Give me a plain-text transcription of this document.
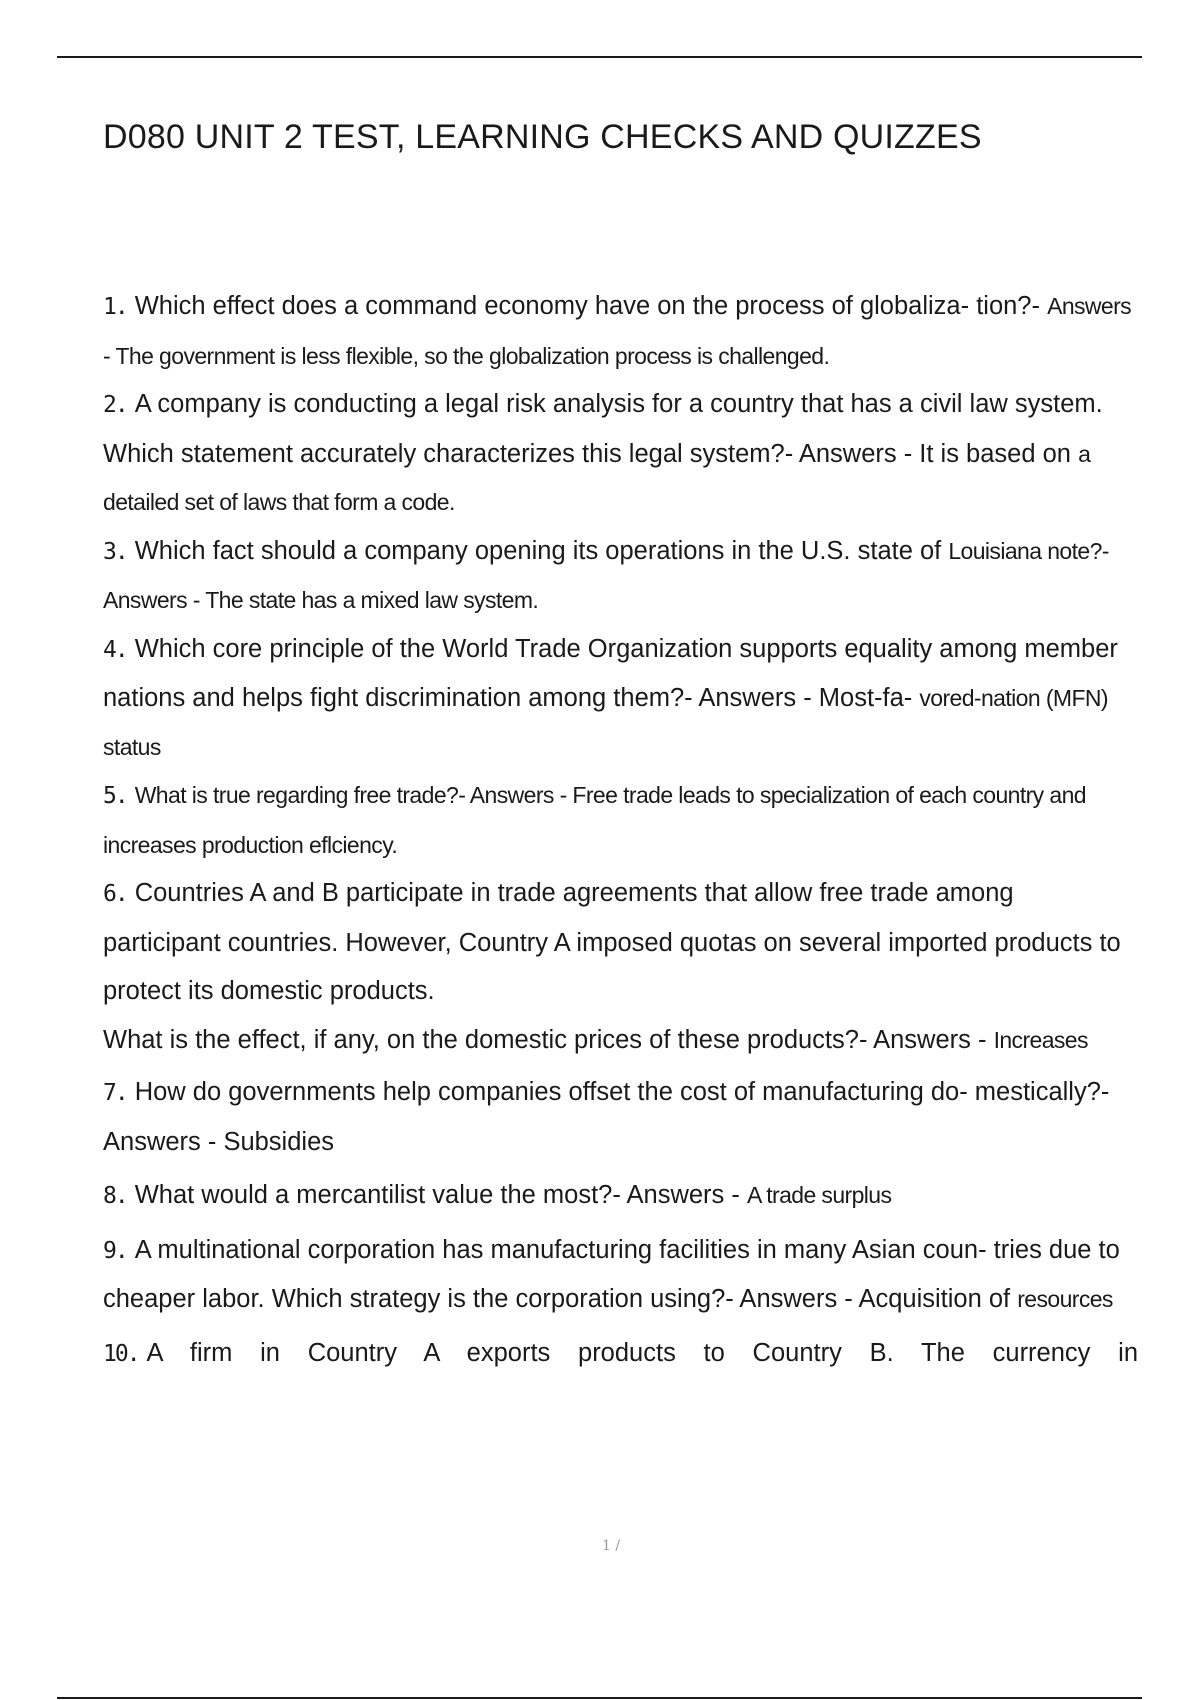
D080 UNIT 2 TEST, LEARNING CHECKS AND QUIZZES
1. Which effect does a command economy have on the process of globaliza- tion?- Answers - The government is less flexible, so the globalization process is challenged.
2. A company is conducting a legal risk analysis for a country that has a civil law system. Which statement accurately characterizes this legal system?- Answers - It is based on a detailed set of laws that form a code.
3. Which fact should a company opening its operations in the U.S. state of Louisiana note?- Answers - The state has a mixed law system.
4. Which core principle of the World Trade Organization supports equality among member nations and helps fight discrimination among them?- Answers - Most-fa- vored-nation (MFN) status
5. What is true regarding free trade?- Answers - Free trade leads to specialization of each country and increases production eflciency.
6. Countries A and B participate in trade agreements that allow free trade among participant countries. However, Country A imposed quotas on several imported products to protect its domestic products.
What is the effect, if any, on the domestic prices of these products?- Answers - Increases
7. How do governments help companies offset the cost of manufacturing do- mestically?- Answers - Subsidies
8. What would a mercantilist value the most?- Answers - A trade surplus
9. A multinational corporation has manufacturing facilities in many Asian coun- tries due to cheaper labor. Which strategy is the corporation using?- Answers - Acquisition of resources
10. A firm in Country A exports products to Country B. The currency in
1 /
